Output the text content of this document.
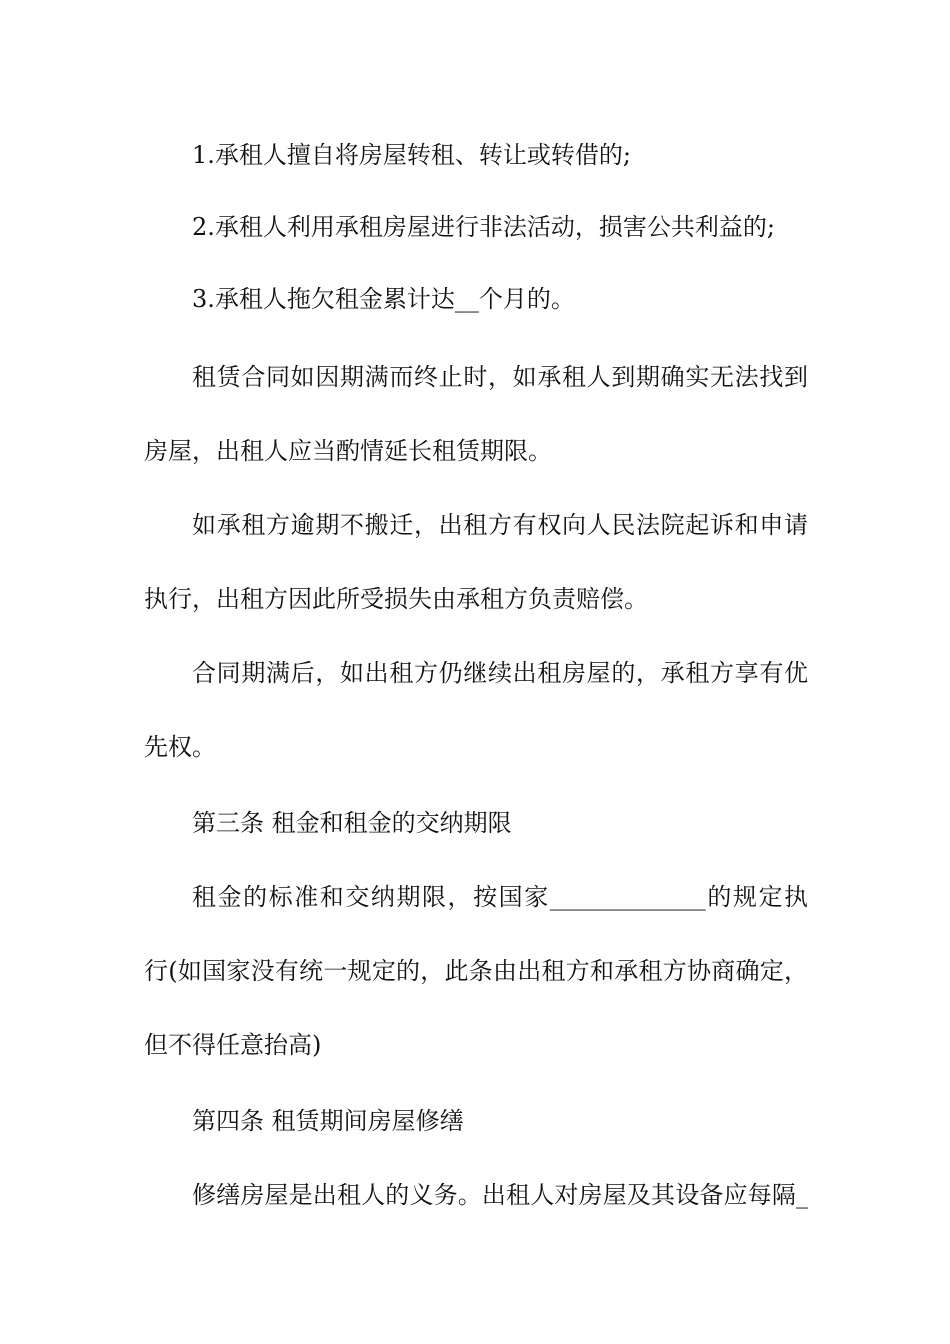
1.承租人擅自将房屋转租、转让或转借的;
2.承租人利用承租房屋进行非法活动，损害公共利益的;
3.承租人拖欠租金累计达__个月的。
租赁合同如因期满而终止时，如承租人到期确实无法找到
房屋，出租人应当酌情延长租赁期限。
如承租方逾期不搬迁，出租方有权向人民法院起诉和申请
执行，出租方因此所受损失由承租方负责赔偿。
合同期满后，如出租方仍继续出租房屋的，承租方享有优
先权。
第三条 租金和租金的交纳期限
租金的标准和交纳期限，按国家_____________的规定执
行(如国家没有统一规定的，此条由出租方和承租方协商确定，
但不得任意抬高)
第四条 租赁期间房屋修缮
修缮房屋是出租人的义务。出租人对房屋及其设备应每隔_
